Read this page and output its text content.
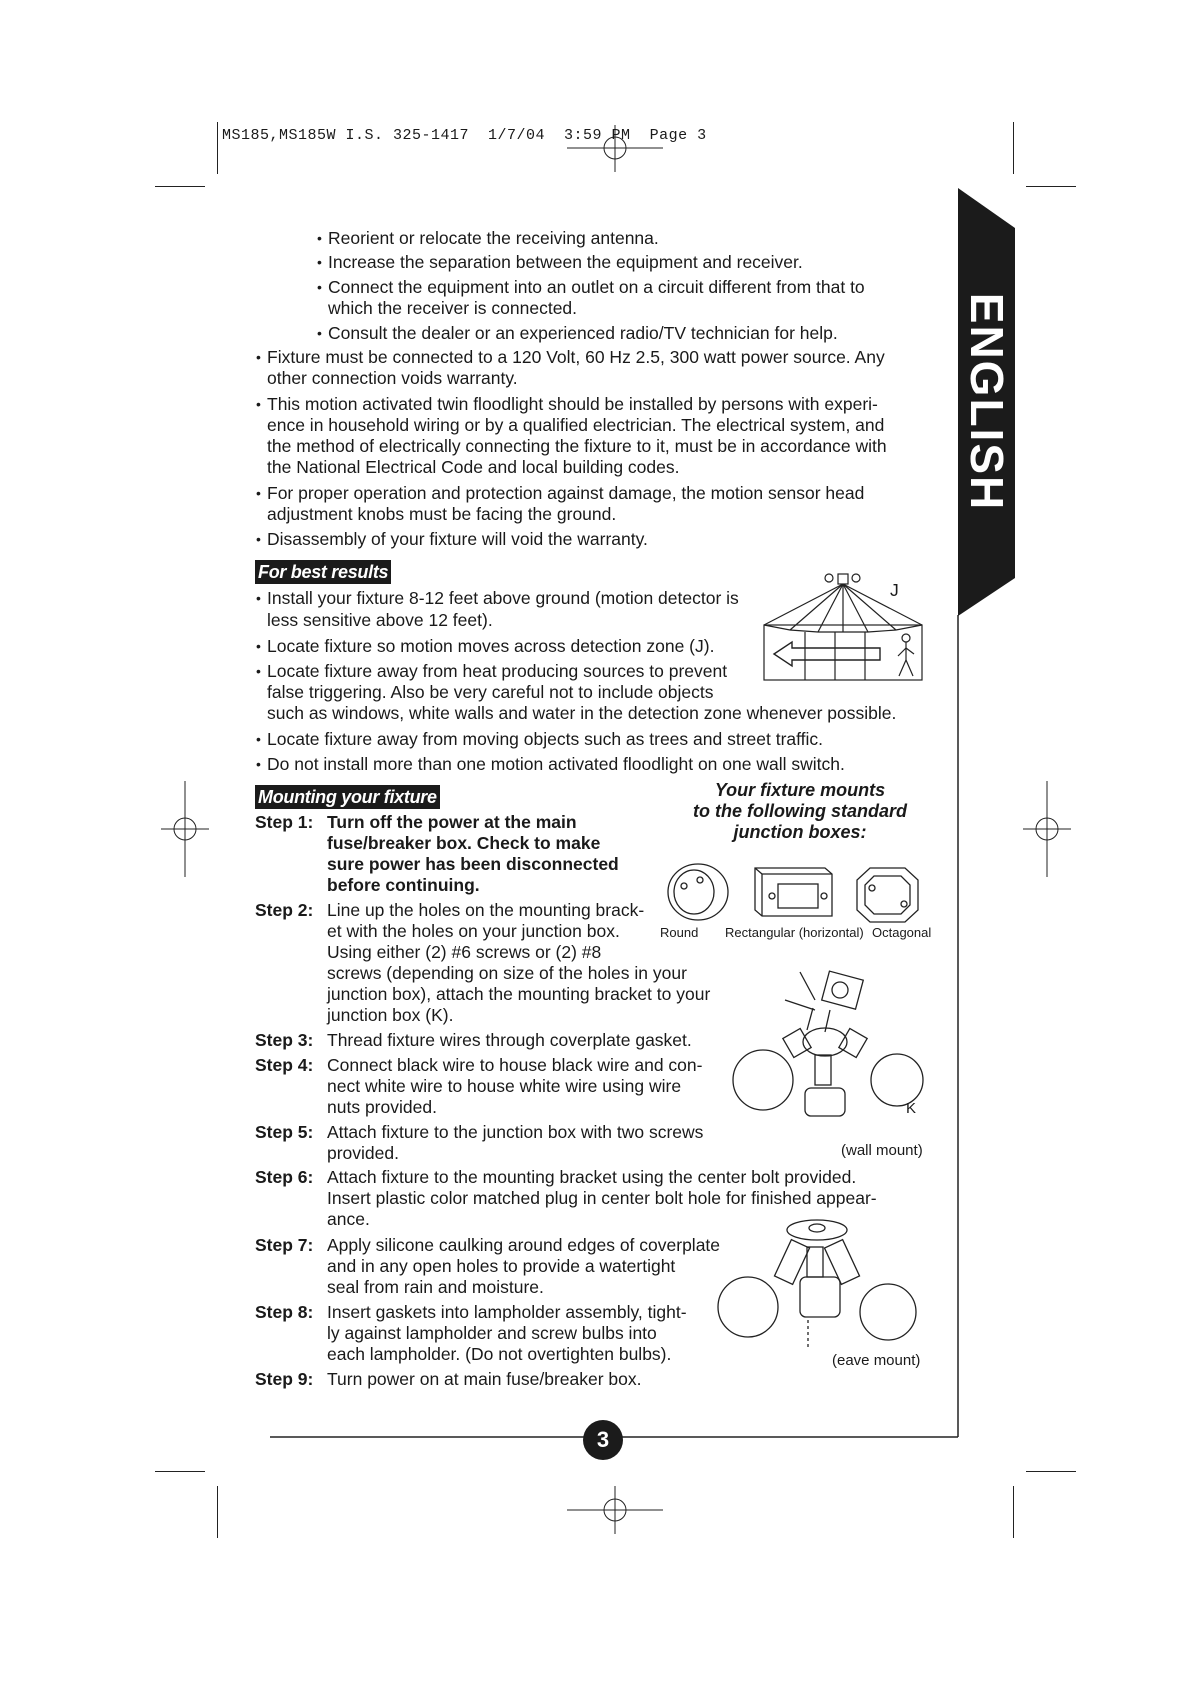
MS185,MS185W I.S. 325-1417  1/7/04  3:59 PM  Page 3
ENGLISH
• Reorient or relocate the receiving antenna.
• Increase the separation between the equipment and receiver.
• Connect the equipment into an outlet on a circuit different from that to
which the receiver is connected.
• Consult the dealer or an experienced radio/TV technician for help.
• Fixture must be connected to a 120 Volt, 60 Hz 2.5, 300 watt power source. Any
other connection voids warranty.
• This motion activated twin floodlight should be installed by persons with experi-
ence in household wiring or by a qualified electrician. The electrical system, and
the method of electrically connecting the fixture to it, must be in accordance with
the National Electrical Code and local building codes.
• For proper operation and protection against damage, the motion sensor head
adjustment knobs must be facing the ground.
• Disassembly of your fixture will void the warranty.
For best results
• Install your fixture 8-12 feet above ground (motion detector is
less sensitive above 12 feet).
• Locate fixture so motion moves across detection zone (J).
• Locate fixture away from heat producing sources to prevent
false triggering. Also be very careful not to include objects
such as windows, white walls and water in the detection zone whenever possible.
• Locate fixture away from moving objects such as trees and street traffic.
• Do not install more than one motion activated floodlight on one wall switch.
J
Mounting your fixture	Your fixture mounts
to the following standard
junction boxes:
Round Rectangular (horizontal) Octagonal
K
(wall mount)
(eave mount)
Step 1: Turn off the power at the main
fuse/breaker box. Check to make
sure power has been disconnected
before continuing.
Step 2: Line up the holes on the mounting brack-
et with the holes on your junction box.
Using either (2) #6 screws or (2) #8
screws (depending on size of the holes in your
junction box), attach the mounting bracket to your
junction box (K).
Step 3: Thread fixture wires through coverplate gasket.
Step 4: Connect black wire to house black wire and con-
nect white wire to house white wire using wire
nuts provided.
Step 5: Attach fixture to the junction box with two screws
provided.
Step 6: Attach fixture to the mounting bracket using the center bolt provided.
Insert plastic color matched plug in center bolt hole for finished appear-
ance.
Step 7: Apply silicone caulking around edges of coverplate
and in any open holes to provide a watertight
seal from rain and moisture.
Step 8: Insert gaskets into lampholder assembly, tight-
ly against lampholder and screw bulbs into
each lampholder. (Do not overtighten bulbs).
Step 9: Turn power on at main fuse/breaker box.
3
